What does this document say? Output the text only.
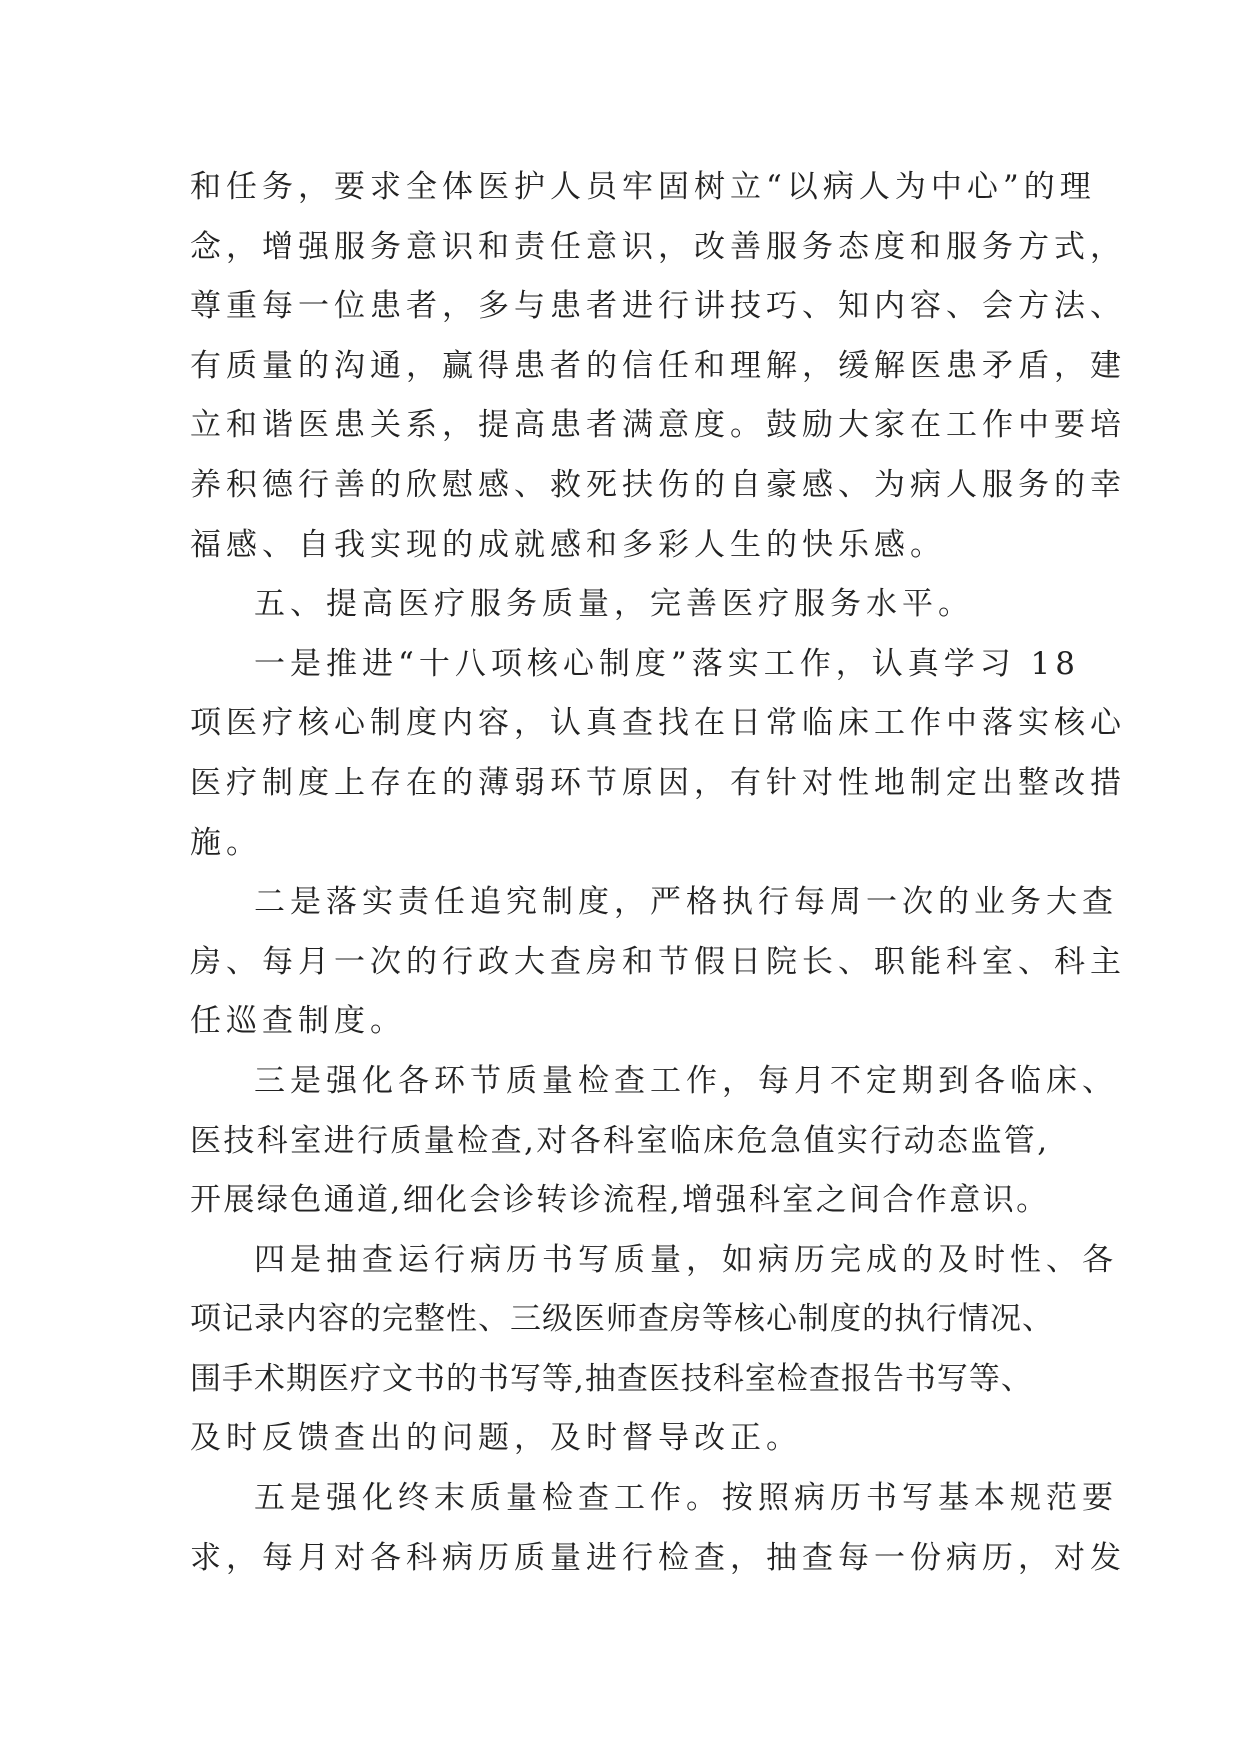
和任务，要求全体医护人员牢固树立“以病人为中心”的理
念，增强服务意识和责任意识，改善服务态度和服务方式，
尊重每一位患者，多与患者进行讲技巧、知内容、会方法、
有质量的沟通，赢得患者的信任和理解，缓解医患矛盾，建
立和谐医患关系，提高患者满意度。鼓励大家在工作中要培
养积德行善的欣慰感、救死扶伤的自豪感、为病人服务的幸
福感、自我实现的成就感和多彩人生的快乐感。
五、提高医疗服务质量，完善医疗服务水平。
一是推进“十八项核心制度”落实工作，认真学习 18
项医疗核心制度内容，认真查找在日常临床工作中落实核心
医疗制度上存在的薄弱环节原因，有针对性地制定出整改措
施。
二是落实责任追究制度，严格执行每周一次的业务大查
房、每月一次的行政大查房和节假日院长、职能科室、科主
任巡查制度。
三是强化各环节质量检查工作，每月不定期到各临床、
医技科室进行质量检查,对各科室临床危急值实行动态监管,
开展绿色通道,细化会诊转诊流程,增强科室之间合作意识。
四是抽查运行病历书写质量，如病历完成的及时性、各
项记录内容的完整性、三级医师查房等核心制度的执行情况、
围手术期医疗文书的书写等,抽查医技科室检查报告书写等、
及时反馈查出的问题，及时督导改正。
五是强化终末质量检查工作。按照病历书写基本规范要
求，每月对各科病历质量进行检查，抽查每一份病历，对发
